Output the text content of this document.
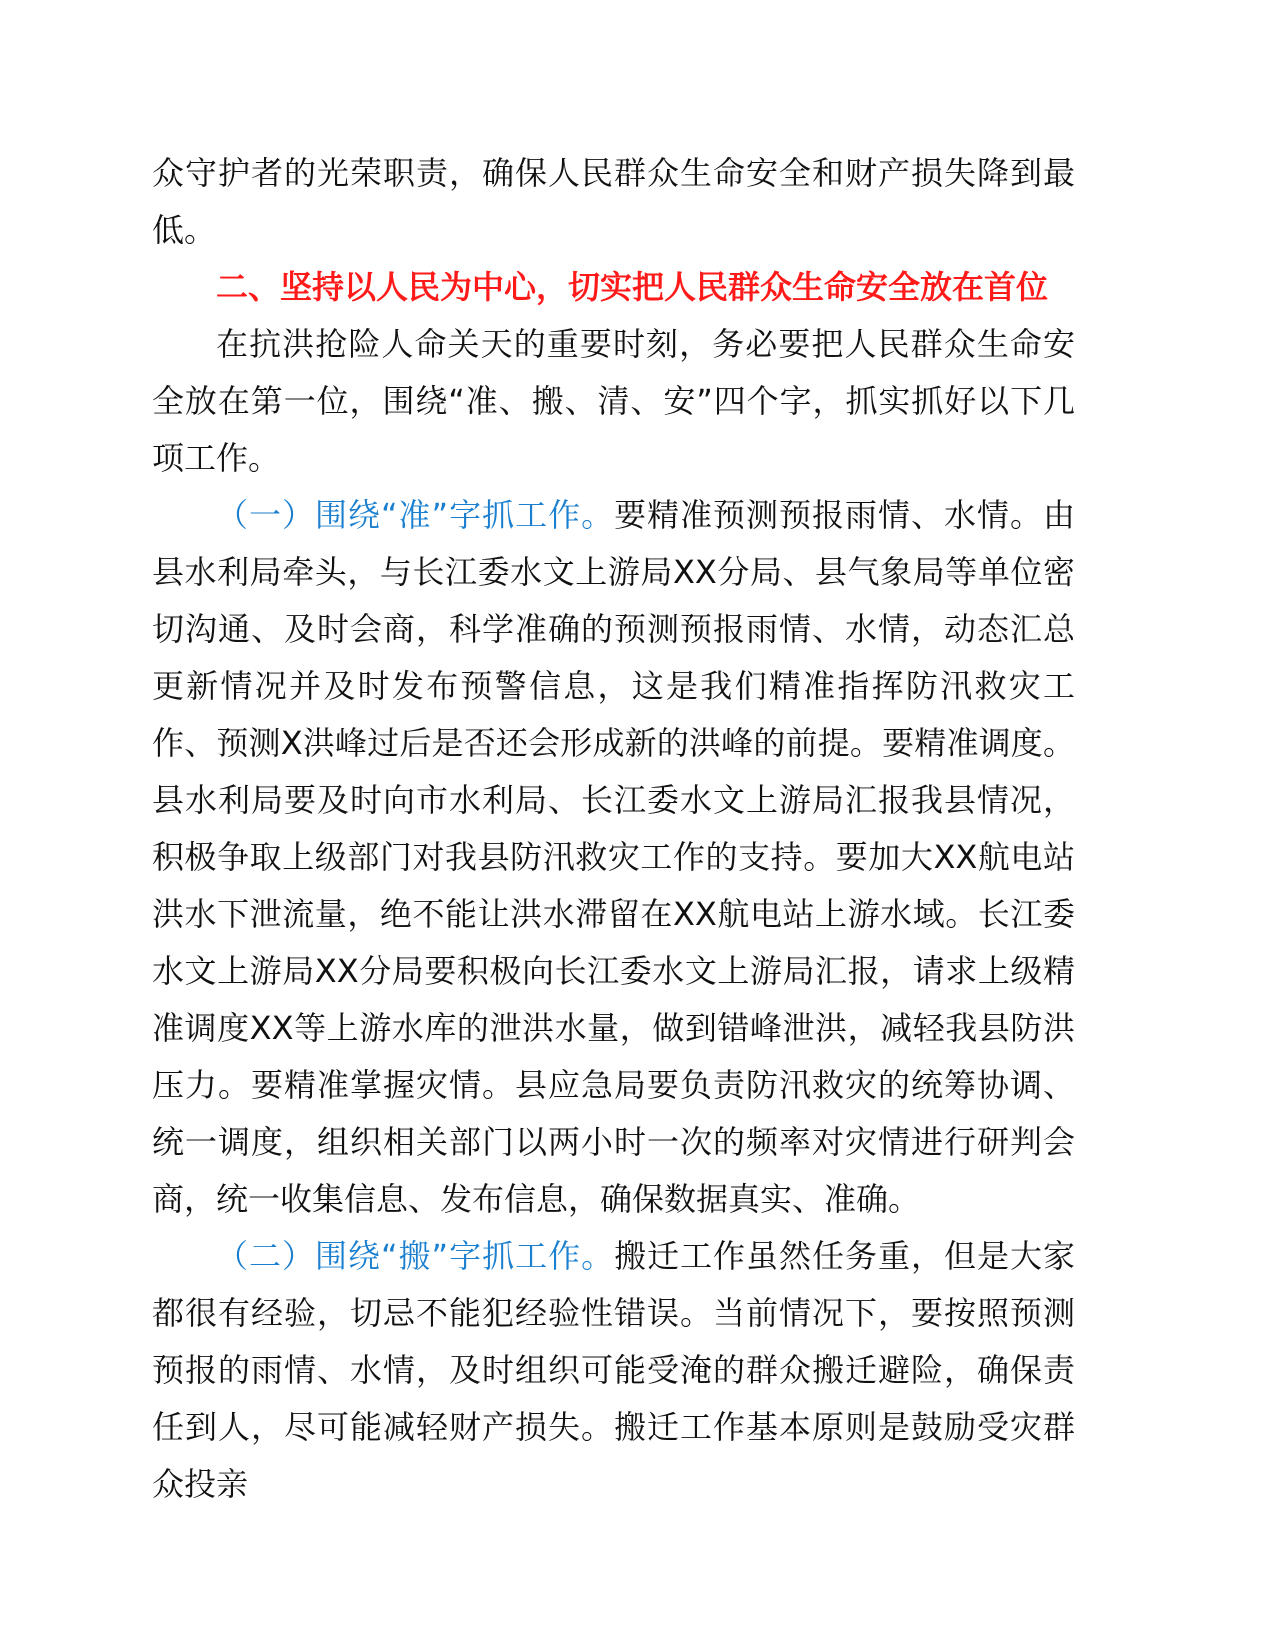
众守护者的光荣职责，确保人民群众生命安全和财产损失降到最低。

二、坚持以人民为中心，切实把人民群众生命安全放在首位

在抗洪抢险人命关天的重要时刻，务必要把人民群众生命安全放在第一位，围绕“准、搬、清、安”四个字，抓实抓好以下几项工作。

（一）围绕“准”字抓工作。要精准预测预报雨情、水情。由县水利局牵头，与长江委水文上游局XX分局、县气象局等单位密切沟通、及时会商，科学准确的预测预报雨情、水情，动态汇总更新情况并及时发布预警信息，这是我们精准指挥防汛救灾工作、预测X洪峰过后是否还会形成新的洪峰的前提。要精准调度。县水利局要及时向市水利局、长江委水文上游局汇报我县情况，积极争取上级部门对我县防汛救灾工作的支持。要加大XX航电站洪水下泄流量，绝不能让洪水滞留在XX航电站上游水域。长江委水文上游局XX分局要积极向长江委水文上游局汇报，请求上级精准调度XX等上游水库的泄洪水量，做到错峰泄洪，减轻我县防洪压力。要精准掌握灾情。县应急局要负责防汛救灾的统筹协调、统一调度，组织相关部门以两小时一次的频率对灾情进行研判会商，统一收集信息、发布信息，确保数据真实、准确。

（二）围绕“搬”字抓工作。搬迁工作虽然任务重，但是大家都很有经验，切忌不能犯经验性错误。当前情况下，要按照预测预报的雨情、水情，及时组织可能受淹的群众搬迁避险，确保责任到人，尽可能减轻财产损失。搬迁工作基本原则是鼓励受灾群众投亲
